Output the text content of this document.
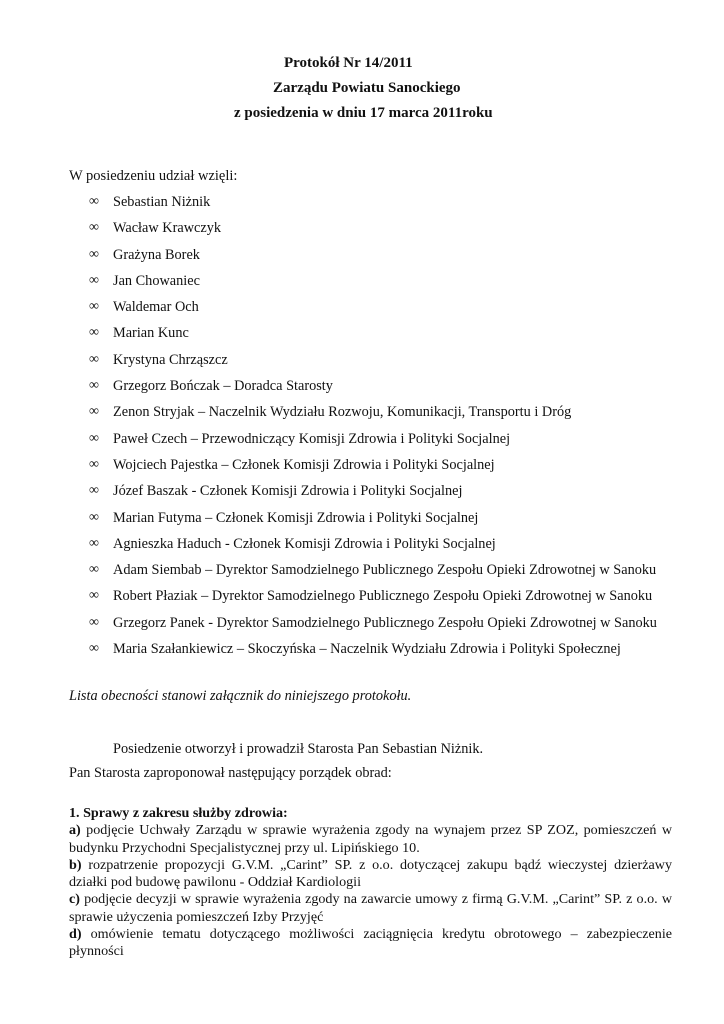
Protokół Nr 14/2011
Zarządu Powiatu Sanockiego
z posiedzenia w dniu 17 marca 2011roku
W posiedzeniu udział wzięli:
∞ Sebastian Niżnik
∞ Wacław Krawczyk
∞ Grażyna Borek
∞ Jan Chowaniec
∞ Waldemar Och
∞ Marian Kunc
∞ Krystyna Chrząszcz
∞ Grzegorz Bończak – Doradca Starosty
∞ Zenon Stryjak – Naczelnik Wydziału Rozwoju, Komunikacji, Transportu i Dróg
∞ Paweł Czech – Przewodniczący Komisji Zdrowia i Polityki Socjalnej
∞ Wojciech Pajestka – Członek Komisji Zdrowia i Polityki Socjalnej
∞ Józef Baszak - Członek Komisji Zdrowia i Polityki Socjalnej
∞ Marian Futyma – Członek Komisji Zdrowia i Polityki Socjalnej
∞ Agnieszka Haduch - Członek Komisji Zdrowia i Polityki Socjalnej
∞ Adam Siembab – Dyrektor Samodzielnego Publicznego Zespołu Opieki Zdrowotnej w Sanoku
∞ Robert Płaziak – Dyrektor Samodzielnego Publicznego Zespołu Opieki Zdrowotnej w Sanoku
∞ Grzegorz Panek - Dyrektor Samodzielnego Publicznego Zespołu Opieki Zdrowotnej w Sanoku
∞ Maria Szałankiewicz – Skoczyńska – Naczelnik Wydziału Zdrowia i Polityki Społecznej
Lista obecności stanowi załącznik do niniejszego protokołu.
Posiedzenie otworzył i prowadził Starosta Pan Sebastian Niżnik.
Pan Starosta zaproponował następujący porządek obrad:

1. Sprawy z zakresu służby zdrowia:

a) podjęcie Uchwały Zarządu w sprawie wyrażenia zgody na wynajem przez SP ZOZ, pomieszczeń w budynku Przychodni Specjalistycznej przy ul. Lipińskiego 10.

b) rozpatrzenie propozycji G.V.M. „Carint” SP. z o.o. dotyczącej zakupu bądź wieczystej dzierżawy działki pod budowę pawilonu - Oddział Kardiologii

c) podjęcie decyzji w sprawie wyrażenia zgody na zawarcie umowy z firmą G.V.M. „Carint” SP. z o.o. w sprawie użyczenia pomieszczeń Izby Przyjęć

d) omówienie tematu dotyczącego możliwości zaciągnięcia kredytu obrotowego – zabezpieczenie płynności
